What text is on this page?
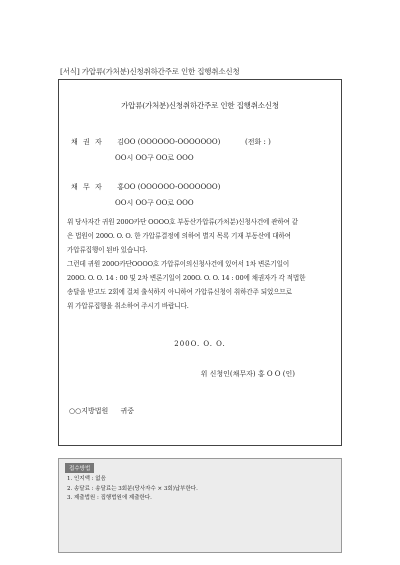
[서식] 가압류(가처분)신청취하간주로 인한 집행취소신청
가압류(가처분)신청취하간주로 인한 집행취소신청
채 권 자 김OO (OOOOOO-OOOOOOO)	(전화 : )
OO시 OO구 OO로 OOO
채 무 자 홍OO (OOOOOO-OOOOOOO)
OO시 OO구 OO로 OOO

위 당사자간 귀원 200O카단 OOOO호 부동산가압류(가처분)신청사건에 관하여 같

은 법원이 200O. O. O. 한 가압류결정에 의하여 별지 목록 기재 부동산에 대하여

가압류집행이 된바 있습니다.

그런데 귀원 200O카단OOOO호 가압류이의신청사건에 있어서 1차 변론기일이

200O. O. O. 14 : 00 및 2차 변론기일이 200O. O. O. 14 : 00에 채권자가 각 적법한

송달을 받고도 2회에 걸쳐 출석하지 아니하여 가압류신청이 취하간주 되었으므로

위 가압류집행을 취소하여 주시기 바랍니다.

200O. O. O.
위 신청인(채무자) 홍 O O (인)
○○지방법원 귀중
접수방법

1. 인지액 : 없음

2. 송달료 : 송달료는 3회분(당사자수 × 3회)납부한다.

3. 제출법원 : 집행법원에 제출한다.
